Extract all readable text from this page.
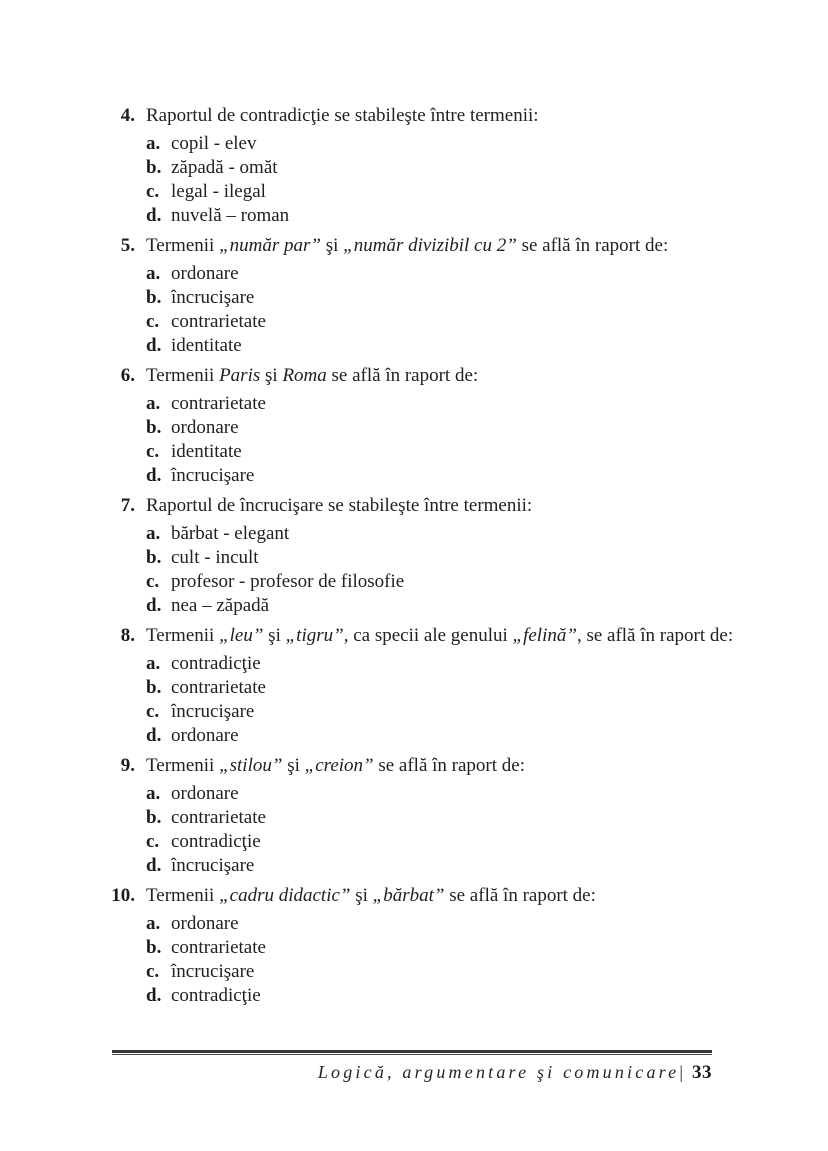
4. Raportul de contradicţie se stabileşte între termenii:
a. copil - elev
b. zăpadă - omăt
c. legal - ilegal
d. nuvelă – roman
5. Termenii „număr par” şi „număr divizibil cu 2” se află în raport de:
a. ordonare
b. încrucişare
c. contrarietate
d. identitate
6. Termenii Paris şi Roma se află în raport de:
a. contrarietate
b. ordonare
c. identitate
d. încrucişare
7. Raportul de încrucişare se stabileşte între termenii:
a. bărbat - elegant
b. cult - incult
c. profesor - profesor de filosofie
d. nea – zăpadă
8. Termenii „leu” şi „tigru”, ca specii ale genului „felină”, se află în raport de:
a. contradicţie
b. contrarietate
c. încrucişare
d. ordonare
9. Termenii „stilou” şi „creion” se află în raport de:
a. ordonare
b. contrarietate
c. contradicţie
d. încrucişare
10. Termenii „cadru didactic” şi „bărbat” se află în raport de:
a. ordonare
b. contrarietate
c. încrucişare
d. contradicţie
Logică, argumentare şi comunicare| 33
